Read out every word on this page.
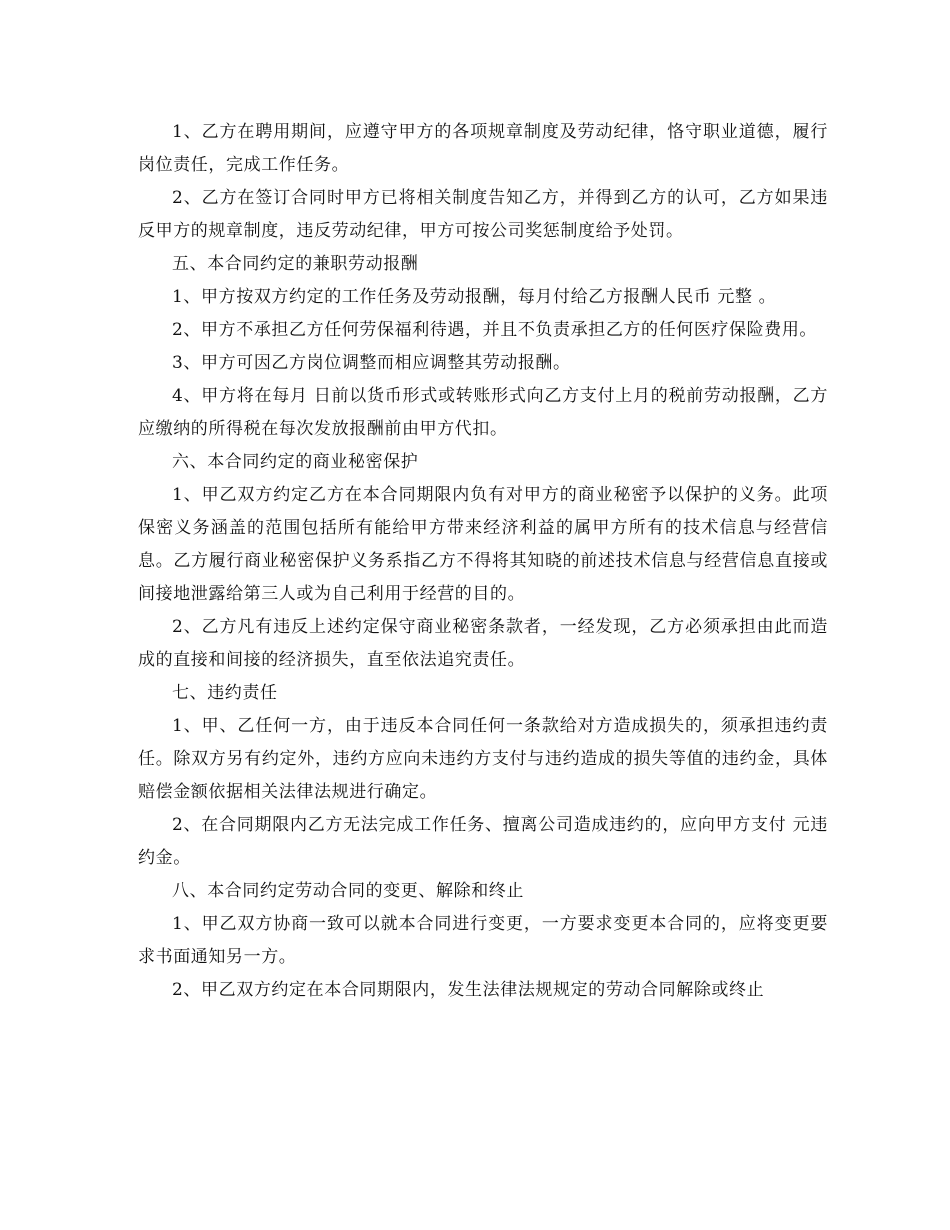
1、乙方在聘用期间，应遵守甲方的各项规章制度及劳动纪律，恪守职业道德，履行岗位责任，完成工作任务。

2、乙方在签订合同时甲方已将相关制度告知乙方，并得到乙方的认可，乙方如果违反甲方的规章制度，违反劳动纪律，甲方可按公司奖惩制度给予处罚。

五、本合同约定的兼职劳动报酬

1、甲方按双方约定的工作任务及劳动报酬，每月付给乙方报酬人民币 元整 。

2、甲方不承担乙方任何劳保福利待遇，并且不负责承担乙方的任何医疗保险费用。

3、甲方可因乙方岗位调整而相应调整其劳动报酬。

4、甲方将在每月 日前以货币形式或转账形式向乙方支付上月的税前劳动报酬，乙方应缴纳的所得税在每次发放报酬前由甲方代扣。

六、本合同约定的商业秘密保护

1、甲乙双方约定乙方在本合同期限内负有对甲方的商业秘密予以保护的义务。此项保密义务涵盖的范围包括所有能给甲方带来经济利益的属甲方所有的技术信息与经营信息。乙方履行商业秘密保护义务系指乙方不得将其知晓的前述技术信息与经营信息直接或间接地泄露给第三人或为自己利用于经营的目的。

2、乙方凡有违反上述约定保守商业秘密条款者，一经发现，乙方必须承担由此而造成的直接和间接的经济损失，直至依法追究责任。

七、违约责任

1、甲、乙任何一方，由于违反本合同任何一条款给对方造成损失的，须承担违约责任。除双方另有约定外，违约方应向未违约方支付与违约造成的损失等值的违约金，具体赔偿金额依据相关法律法规进行确定。

2、在合同期限内乙方无法完成工作任务、擅离公司造成违约的，应向甲方支付 元违约金。

八、本合同约定劳动合同的变更、解除和终止

1、甲乙双方协商一致可以就本合同进行变更，一方要求变更本合同的，应将变更要求书面通知另一方。

2、甲乙双方约定在本合同期限内，发生法律法规规定的劳动合同解除或终止
